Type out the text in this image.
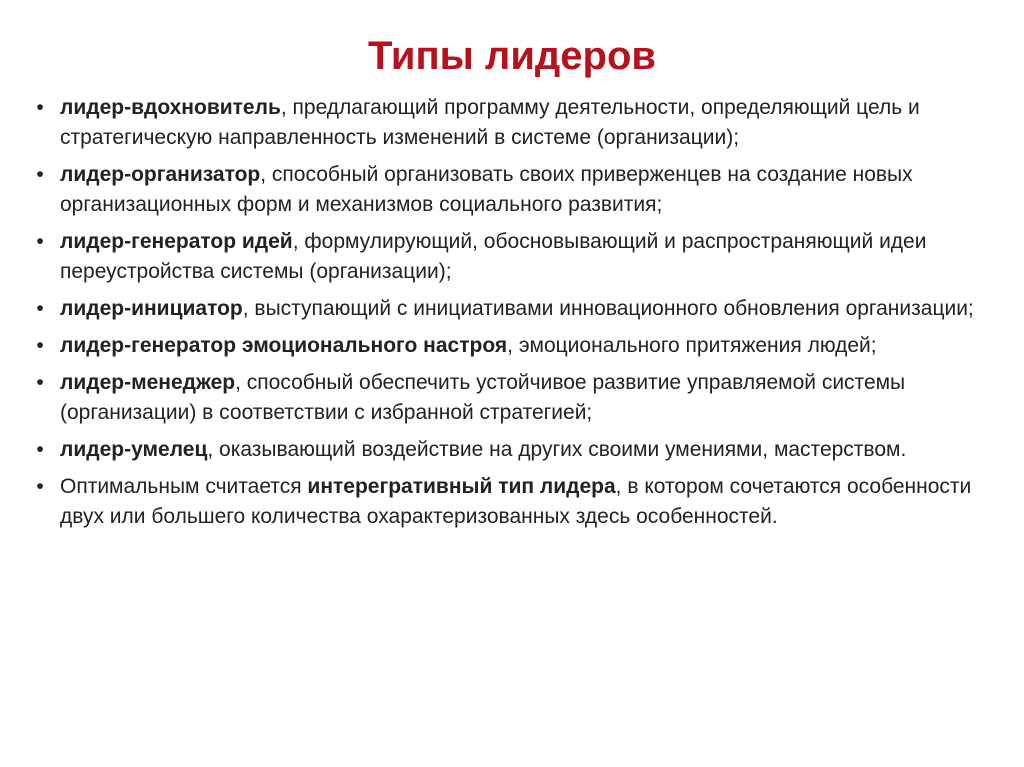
Типы лидеров
• лидер-вдохновитель, предлагающий программу деятельности, определяющий цель и стратегическую направленность изменений в системе (организации);
• лидер-организатор, способный организовать своих приверженцев на создание новых организационных форм и механизмов социального развития;
• лидер-генератор идей, формулирующий, обосновывающий и распространяющий идеи переустройства системы (организации);
• лидер-инициатор, выступающий с инициативами инновационного обновления организации;
• лидер-генератор эмоционального настроя, эмоционального притяжения людей;
• лидер-менеджер, способный обеспечить устойчивое развитие управляемой системы (организации) в соответствии с избранной стратегией;
• лидер-умелец, оказывающий воздействие на других своими умениями, мастерством.
• Оптимальным считается интерегративный тип лидера, в котором сочетаются особенности двух или большего количества охарактеризованных здесь особенностей.
